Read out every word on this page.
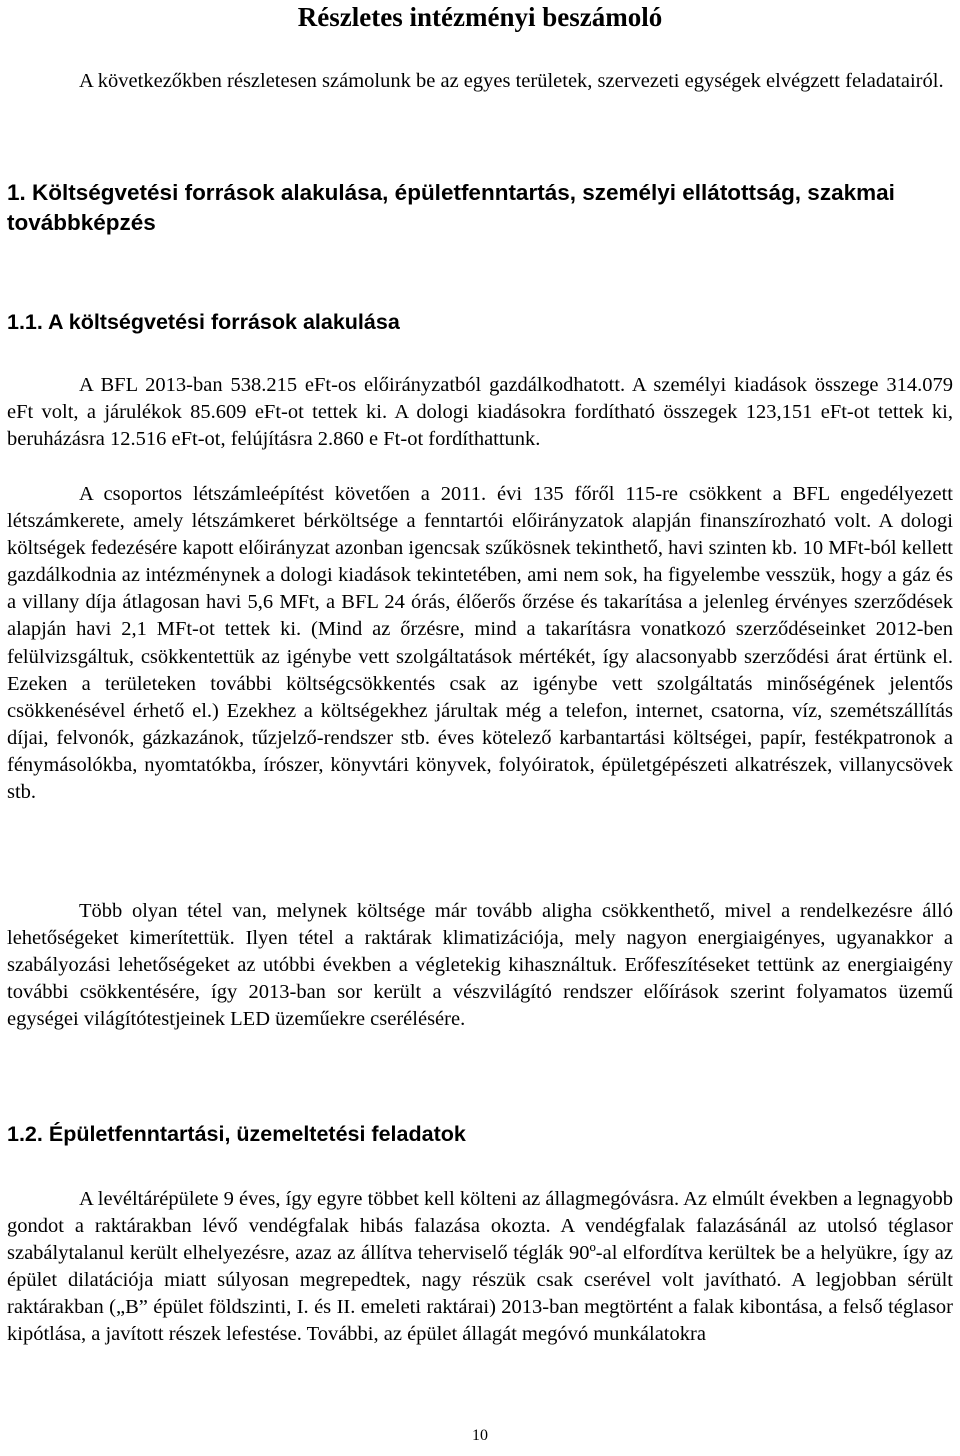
Részletes intézményi beszámoló

A következőkben részletesen számolunk be az egyes területek, szervezeti egységek elvégzett feladatairól.

1. Költségvetési források alakulása, épületfenntartás, személyi ellátottság, szakmai továbbképzés
1.1. A költségvetési források alakulása

A BFL 2013-ban 538.215 eFt-os előirányzatból gazdálkodhatott. A személyi kiadások összege 314.079 eFt volt, a járulékok 85.609 eFt-ot tettek ki. A dologi kiadásokra fordítható összegek 123,151 eFt-ot tettek ki, beruházásra 12.516 eFt-ot, felújításra 2.860 e Ft-ot fordíthattunk.

A csoportos létszámleépítést követően a 2011. évi 135 főről 115-re csökkent a BFL engedélyezett létszámkerete, amely létszámkeret bérköltsége a fenntartói előirányzatok alapján finanszírozható volt. A dologi költségek fedezésére kapott előirányzat azonban igencsak szűkösnek tekinthető, havi szinten kb. 10 MFt-ból kellett gazdálkodnia az intézménynek a dologi kiadások tekintetében, ami nem sok, ha figyelembe vesszük, hogy a gáz és a villany díja átlagosan havi 5,6 MFt, a BFL 24 órás, élőerős őrzése és takarítása a jelenleg érvényes szerződések alapján havi 2,1 MFt-ot tettek ki. (Mind az őrzésre, mind a takarításra vonatkozó szerződéseinket 2012-ben felülvizsgáltuk, csökkentettük az igénybe vett szolgáltatások mértékét, így alacsonyabb szerződési árat értünk el. Ezeken a területeken további költségcsökkentés csak az igénybe vett szolgáltatás minőségének jelentős csökkenésével érhető el.) Ezekhez a költségekhez járultak még a telefon, internet, csatorna, víz, szemétszállítás díjai, felvonók, gázkazánok, tűzjelző-rendszer stb. éves kötelező karbantartási költségei, papír, festékpatronok a fénymásolókba, nyomtatókba, írószer, könyvtári könyvek, folyóiratok, épületgépészeti alkatrészek, villanycsövek stb.

Több olyan tétel van, melynek költsége már tovább aligha csökkenthető, mivel a rendelkezésre álló lehetőségeket kimerítettük. Ilyen tétel a raktárak klimatizációja, mely nagyon energiaigényes, ugyanakkor a szabályozási lehetőségeket az utóbbi években a végletekig kihasználtuk. Erőfeszítéseket tettünk az energiaigény további csökkentésére, így 2013-ban sor került a vészvilágító rendszer előírások szerint folyamatos üzemű egységei világítótestjeinek LED üzeműekre cserélésére.

1.2. Épületfenntartási, üzemeltetési feladatok

A levéltárépülete 9 éves, így egyre többet kell költeni az állagmegóvásra. Az elmúlt években a legnagyobb gondot a raktárakban lévő vendégfalak hibás falazása okozta. A vendégfalak falazásánál az utolsó téglasor szabálytalanul került elhelyezésre, azaz az állítva teherviselő téglák 90º-al elfordítva kerültek be a helyükre, így az épület dilatációja miatt súlyosan megrepedtek, nagy részük csak cserével volt javítható. A legjobban sérült raktárakban („B” épület földszinti, I. és II. emeleti raktárai) 2013-ban megtörtént a falak kibontása, a felső téglasor kipótlása, a javított részek lefestése. További, az épület állagát megóvó munkálatokra

10
